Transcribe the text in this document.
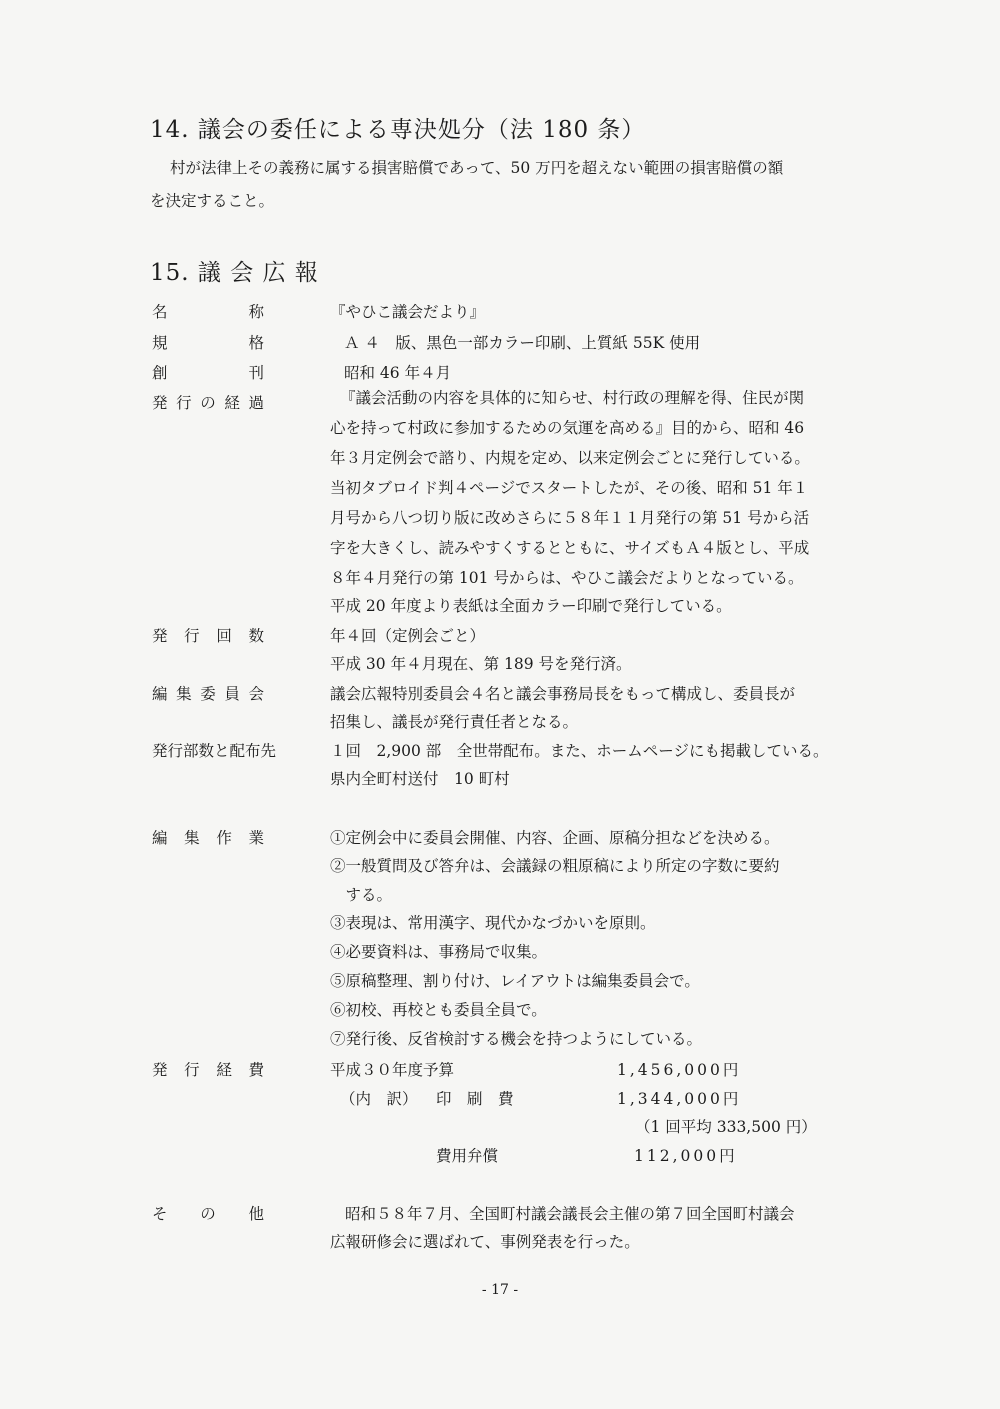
14. 議会の委任による専決処分（法 180 条）
村が法律上その義務に属する損害賠償であって、50 万円を超えない範囲の損害賠償の額
を決定すること。
15. 議 会 広 報
名	称	『やひこ議会だより』
規	格	Ａ ４　版、黒色一部カラー印刷、上質紙 55K 使用
創	刊	昭和 46 年４月
発 行 の 経 過	『議会活動の内容を具体的に知らせ、村行政の理解を得、住民が関
心を持って村政に参加するための気運を高める』目的から、昭和 46
年３月定例会で諮り、内規を定め、以来定例会ごとに発行している。
当初タブロイド判４ページでスタートしたが、その後、昭和 51 年１
月号から八つ切り版に改めさらに５８年１１月発行の第 51 号から活
字を大きくし、読みやすくするとともに、サイズもＡ４版とし、平成
８年４月発行の第 101 号からは、やひこ議会だよりとなっている。
平成 20 年度より表紙は全面カラー印刷で発行している。
発 行 回 数	年４回（定例会ごと）
平成 30 年４月現在、第 189 号を発行済。
編 集 委 員 会	議会広報特別委員会４名と議会事務局長をもって構成し、委員長が
招集し、議長が発行責任者となる。
発行部数と配布先	１回　2,900 部　全世帯配布。また、ホームページにも掲載している。
県内全町村送付　10 町村
編 集 作 業	①定例会中に委員会開催、内容、企画、原稿分担などを決める。
②一般質問及び答弁は、会議録の粗原稿により所定の字数に要約
　する。
③表現は、常用漢字、現代かなづかいを原則。
④必要資料は、事務局で収集。
⑤原稿整理、割り付け、レイアウトは編集委員会で。
⑥初校、再校とも委員全員で。
⑦発行後、反省検討する機会を持つようにしている。
発 行 経 費	平成３０年度予算	1,456,000円
（内　訳） 印　刷　費	1,344,000円
（1 回平均 333,500 円）
費用弁償	112,000円
そ の 他	昭和５８年７月、全国町村議会議長会主催の第７回全国町村議会
広報研修会に選ばれて、事例発表を行った。
- 17 -
